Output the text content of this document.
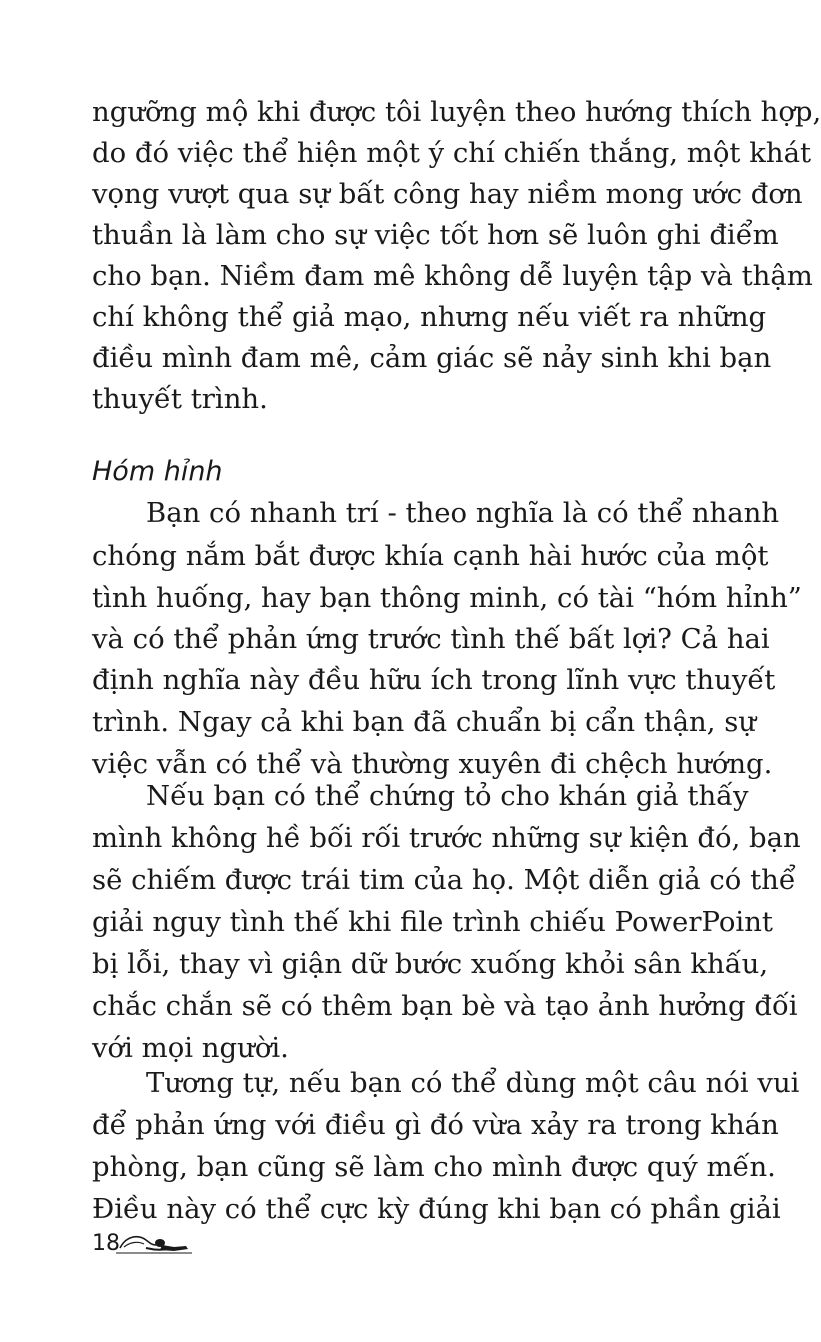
ngưỡng mộ khi được tôi luyện theo hướng thích hợp,
do đó việc thể hiện một ý chí chiến thắng, một khát
vọng vượt qua sự bất công hay niềm mong ước đơn
thuần là làm cho sự việc tốt hơn sẽ luôn ghi điểm
cho bạn. Niềm đam mê không dễ luyện tập và thậm
chí không thể giả mạo, nhưng nếu viết ra những
điều mình đam mê, cảm giác sẽ nảy sinh khi bạn
thuyết trình.
Bạn có nhanh trí - theo nghĩa là có thể nhanh
chóng nắm bắt được khía cạnh hài hước của một
tình huống, hay bạn thông minh, có tài “hóm hỉnh”
và có thể phản ứng trước tình thế bất lợi? Cả hai
định nghĩa này đều hữu ích trong lĩnh vực thuyết
trình. Ngay cả khi bạn đã chuẩn bị cẩn thận, sự
việc vẫn có thể và thường xuyên đi chệch hướng.
Nếu bạn có thể chứng tỏ cho khán giả thấy
mình không hề bối rối trước những sự kiện đó, bạn
sẽ chiếm được trái tim của họ. Một diễn giả có thể
giải nguy tình thế khi file trình chiếu PowerPoint
bị lỗi, thay vì giận dữ bước xuống khỏi sân khấu,
chắc chắn sẽ có thêm bạn bè và tạo ảnh hưởng đối
với mọi người.
Tương tự, nếu bạn có thể dùng một câu nói vui
để phản ứng với điều gì đó vừa xảy ra trong khán
phòng, bạn cũng sẽ làm cho mình được quý mến.
Điều này có thể cực kỳ đúng khi bạn có phần giải
Hóm hỉnh
18
